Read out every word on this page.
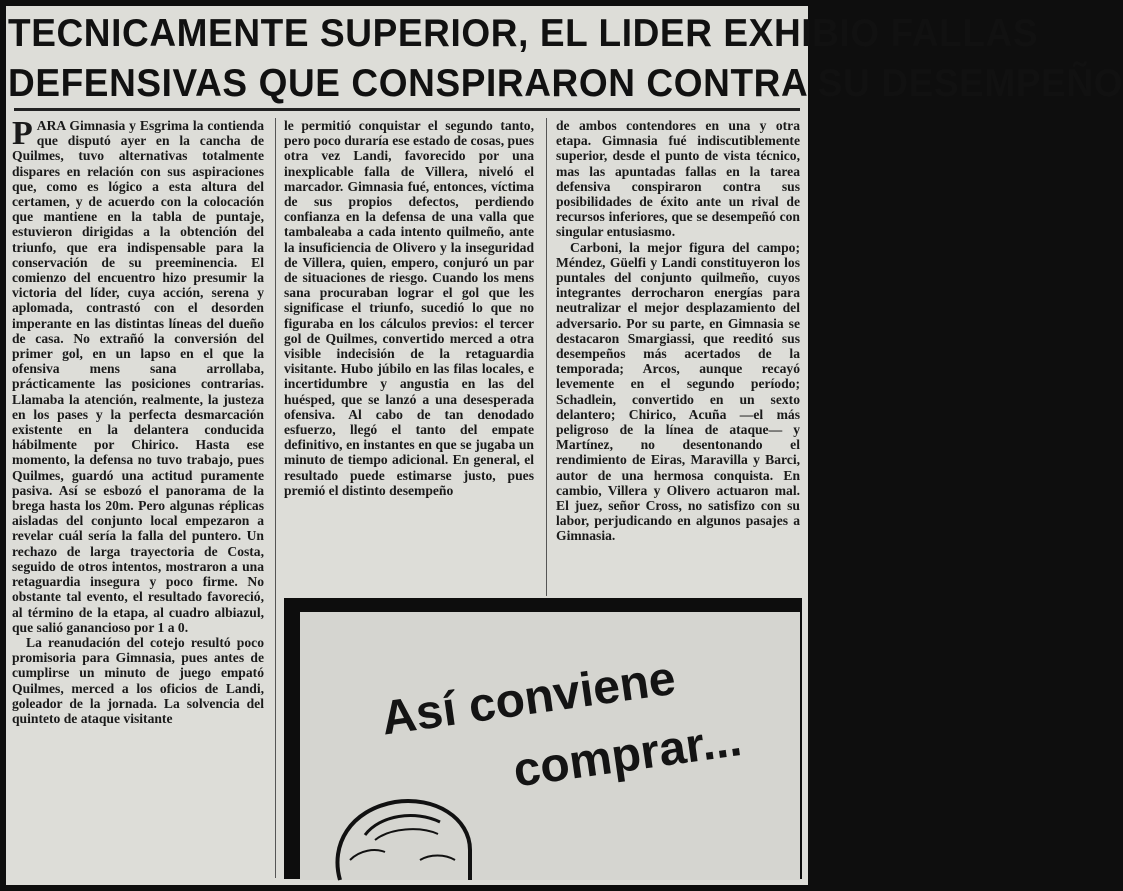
TECNICAMENTE SUPERIOR, EL LIDER EXHIBIO FALLAS
DEFENSIVAS QUE CONSPIRARON CONTRA SU DESEMPEÑO

PARA Gimnasia y Esgrima la contienda que disputó ayer en la cancha de Quilmes, tuvo alternativas totalmente dispares en relación con sus aspiraciones que, como es lógico a esta altura del certamen, y de acuerdo con la colocación que mantiene en la tabla de puntaje, estuvieron dirigidas a la obtención del triunfo, que era indispensable para la conservación de su preeminencia. El comienzo del encuentro hizo presumir la victoria del líder, cuya acción, serena y aplomada, contrastó con el desorden imperante en las distintas líneas del dueño de casa. No extrañó la conversión del primer gol, en un lapso en el que la ofensiva mens sana arrollaba, prácticamente las posiciones contrarias. Llamaba la atención, realmente, la justeza en los pases y la perfecta desmarcación existente en la delantera conducida hábilmente por Chirico. Hasta ese momento, la defensa no tuvo trabajo, pues Quilmes, guardó una actitud puramente pasiva. Así se esbozó el panorama de la brega hasta los 20m. Pero algunas réplicas aisladas del conjunto local empezaron a revelar cuál sería la falla del puntero. Un rechazo de larga trayectoria de Costa, seguido de otros intentos, mostraron a una retaguardia insegura y poco firme. No obstante tal evento, el resultado favoreció, al término de la etapa, al cuadro albiazul, que salió ganancioso por 1 a 0.

La reanudación del cotejo resultó poco promisoria para Gimnasia, pues antes de cumplirse un minuto de juego empató Quilmes, merced a los oficios de Landi, goleador de la jornada. La solvencia del quinteto de ataque visitante

le permitió conquistar el segundo tanto, pero poco duraría ese estado de cosas, pues otra vez Landi, favorecido por una inexplicable falla de Villera, niveló el marcador. Gimnasia fué, entonces, víctima de sus propios defectos, perdiendo confianza en la defensa de una valla que tambaleaba a cada intento quilmeño, ante la insuficiencia de Olivero y la inseguridad de Villera, quien, empero, conjuró un par de situaciones de riesgo. Cuando los mens sana procuraban lograr el gol que les significase el triunfo, sucedió lo que no figuraba en los cálculos previos: el tercer gol de Quilmes, convertido merced a otra visible indecisión de la retaguardia visitante. Hubo júbilo en las filas locales, e incertidumbre y angustia en las del huésped, que se lanzó a una desesperada ofensiva. Al cabo de tan denodado esfuerzo, llegó el tanto del empate definitivo, en instantes en que se jugaba un minuto de tiempo adicional. En general, el resultado puede estimarse justo, pues premió el distinto desempeño

de ambos contendores en una y otra etapa. Gimnasia fué indiscutiblemente superior, desde el punto de vista técnico, mas las apuntadas fallas en la tarea defensiva conspiraron contra sus posibilidades de éxito ante un rival de recursos inferiores, que se desempeñó con singular entusiasmo.

Carboni, la mejor figura del campo; Méndez, Güelfi y Landi constituyeron los puntales del conjunto quilmeño, cuyos integrantes derrocharon energías para neutralizar el mejor desplazamiento del adversario. Por su parte, en Gimnasia se destacaron Smargiassi, que reeditó sus desempeños más acertados de la temporada; Arcos, aunque recayó levemente en el segundo período; Schadlein, convertido en un sexto delantero; Chirico, Acuña —el más peligroso de la línea de ataque— y Martínez, no desentonando el rendimiento de Eiras, Maravilla y Barci, autor de una hermosa conquista. En cambio, Villera y Olivero actuaron mal. El juez, señor Cross, no satisfizo con su labor, perjudicando en algunos pasajes a Gimnasia.

Así conviene
comprar...
